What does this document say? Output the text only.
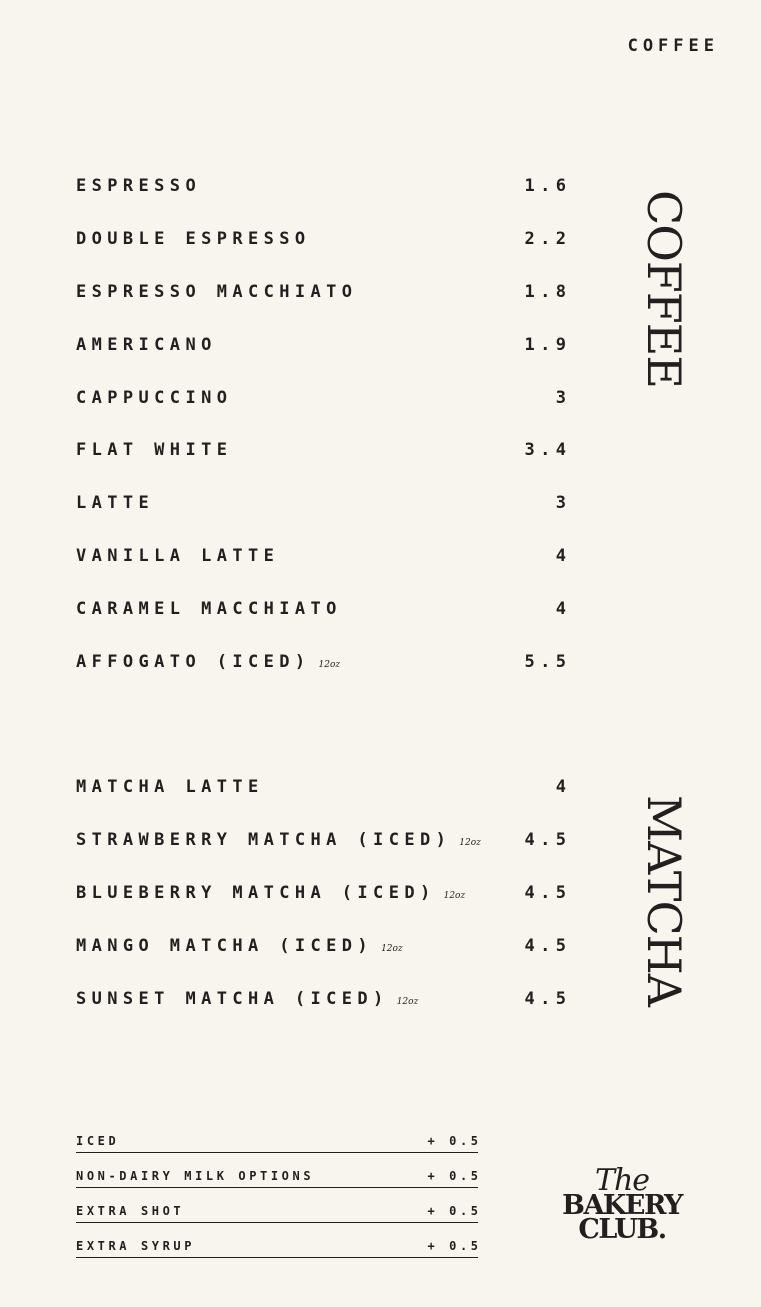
COFFEE
ESPRESSO	1.6
DOUBLE ESPRESSO	2.2
ESPRESSO MACCHIATO	1.8
AMERICANO	1.9
CAPPUCCINO	3
FLAT WHITE	3.4
LATTE	3
VANILLA LATTE	4
CARAMEL MACCHIATO	4
AFFOGATO (ICED) 12oz	5.5
COFFEE
MATCHA LATTE	4
STRAWBERRY MATCHA (ICED) 12oz	4.5
BLUEBERRY MATCHA (ICED) 12oz	4.5
MANGO MATCHA (ICED) 12oz	4.5
SUNSET MATCHA (ICED) 12oz	4.5 MATCHA
ICED	+ 0.5
NON-DAIRY MILK OPTIONS	+ 0.5
EXTRA SHOT	+ 0.5
EXTRA SYRUP	+ 0.5
The
BAKERY
CLUB.
